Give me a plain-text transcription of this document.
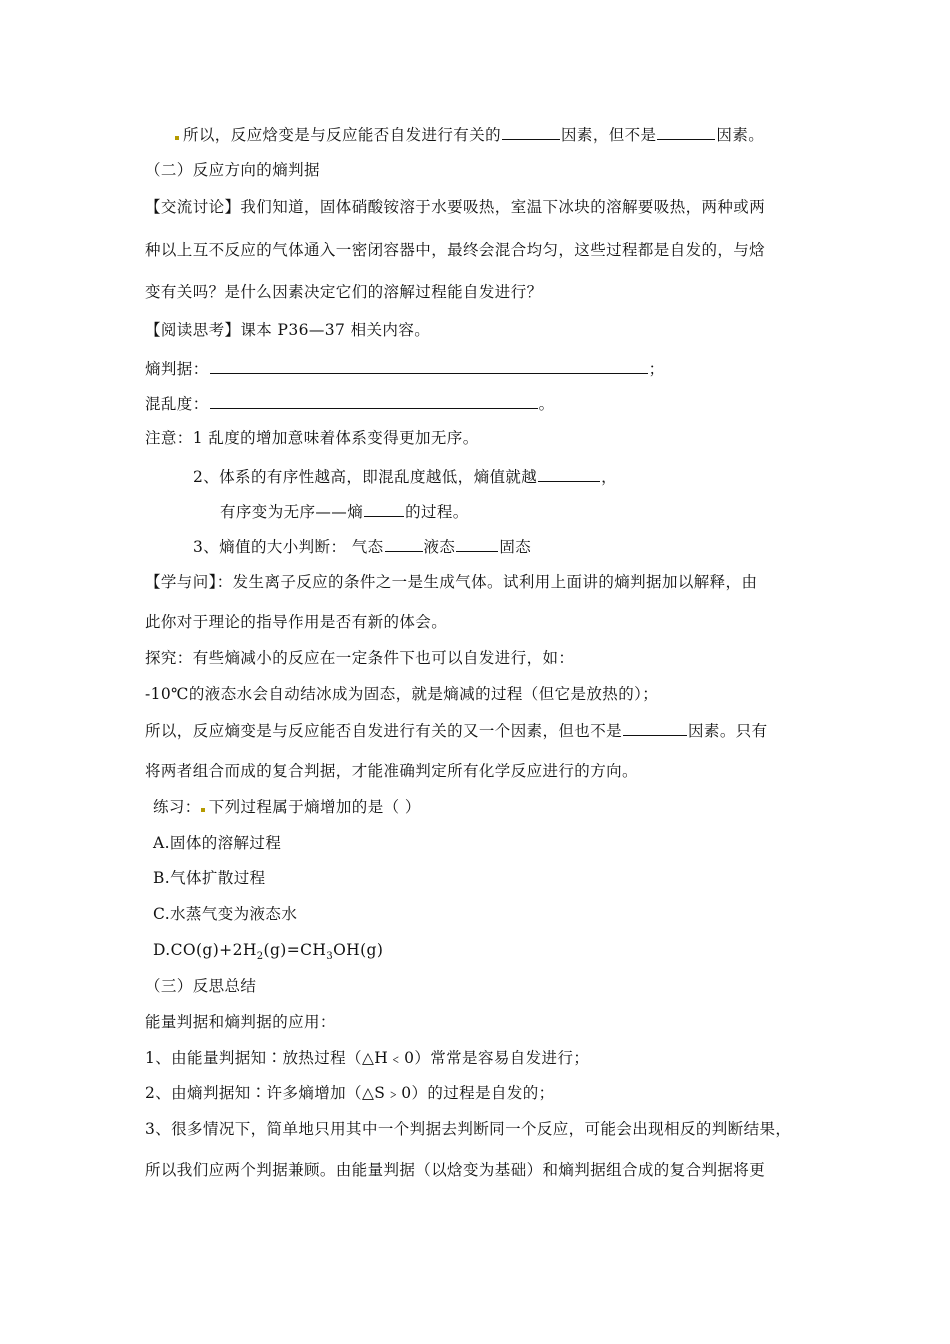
所以，反应焓变是与反应能否自发进行有关的	因素，但不是	因素。
（二）反应方向的熵判据
【交流讨论】我们知道，固体硝酸铵溶于水要吸热，室温下冰块的溶解要吸热，两种或两
种以上互不反应的气体通入一密闭容器中，最终会混合均匀，这些过程都是自发的，与焓
变有关吗？是什么因素决定它们的溶解过程能自发进行？
【阅读思考】课本 P36—37 相关内容。
熵判据：	；
混乱度：	。
注意：1 乱度的增加意味着体系变得更加无序。
2、体系的有序性越高，即混乱度越低，熵值就越	，
有序变为无序——熵	的过程。
3、熵值的大小判断： 气态	液态	固态
【学与问】：发生离子反应的条件之一是生成气体。试利用上面讲的熵判据加以解释，由
此你对于理论的指导作用是否有新的体会。
探究：有些熵减小的反应在一定条件下也可以自发进行，如：
-10℃的液态水会自动结冰成为固态，就是熵减的过程（但它是放热的）；
所以，反应熵变是与反应能否自发进行有关的又一个因素，但也不是	因素。只有
将两者组合而成的复合判据，才能准确判定所有化学反应进行的方向。
练习： 下列过程属于熵增加的是（ ）
A.固体的溶解过程
B.气体扩散过程
C.水蒸气变为液态水
$D.CO(g)+2H_2(g)=CH_3OH(g)$
（三）反思总结
能量判据和熵判据的应用：
1、由能量判据知∶放热过程（△H﹤0）常常是容易自发进行；
2、由熵判据知∶许多熵增加（△S﹥0）的过程是自发的；
3、很多情况下，简单地只用其中一个判据去判断同一个反应，可能会出现相反的判断结果，
所以我们应两个判据兼顾。由能量判据（以焓变为基础）和熵判据组合成的复合判据将更
